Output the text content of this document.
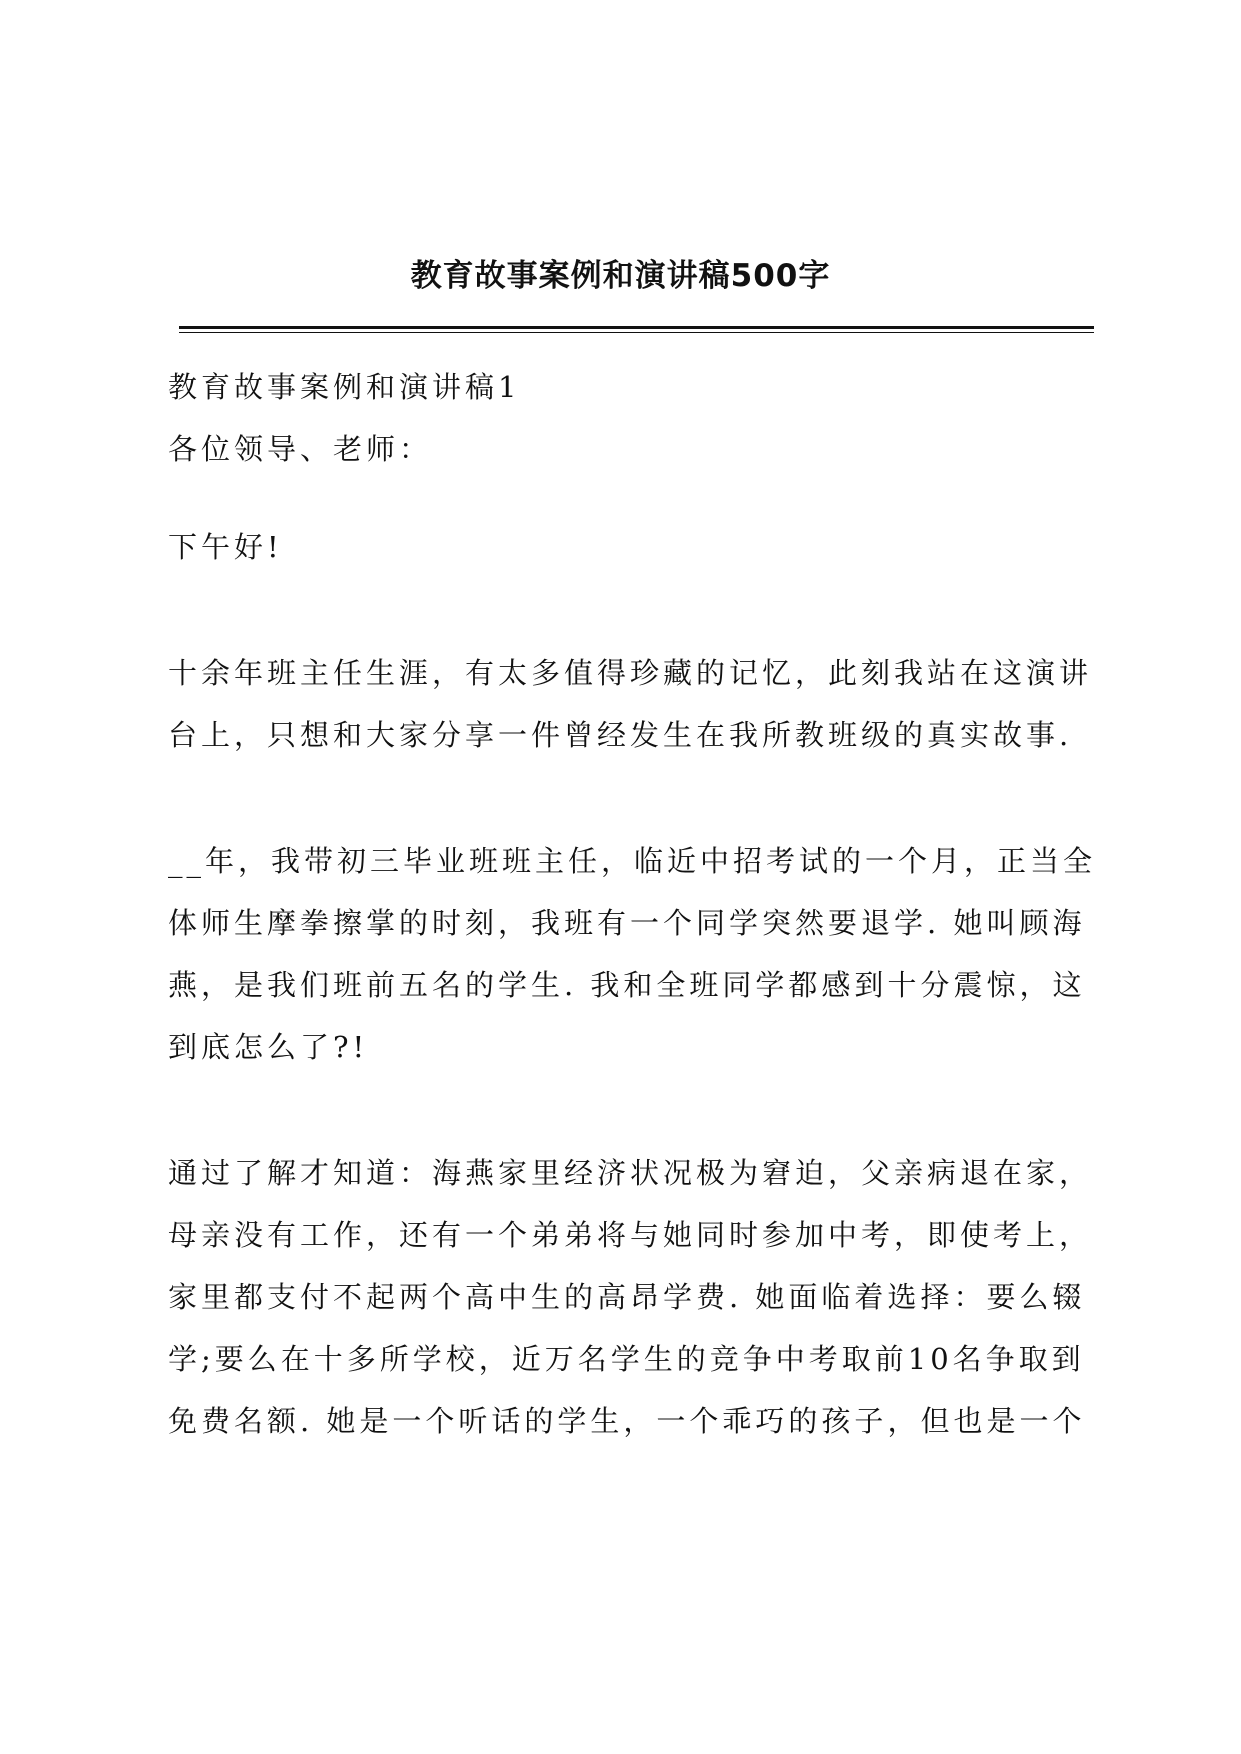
教育故事案例和演讲稿500字
教育故事案例和演讲稿1
各位领导、老师：
下午好!
十余年班主任生涯，有太多值得珍藏的记忆，此刻我站在这演讲
台上，只想和大家分享一件曾经发生在我所教班级的真实故事.
__年，我带初三毕业班班主任，临近中招考试的一个月，正当全
体师生摩拳擦掌的时刻，我班有一个同学突然要退学. 她叫顾海
燕，是我们班前五名的学生. 我和全班同学都感到十分震惊，这
到底怎么了?!
通过了解才知道：海燕家里经济状况极为窘迫，父亲病退在家，
母亲没有工作，还有一个弟弟将与她同时参加中考，即使考上，
家里都支付不起两个高中生的高昂学费. 她面临着选择：要么辍
学;要么在十多所学校，近万名学生的竞争中考取前10名争取到
免费名额. 她是一个听话的学生，一个乖巧的孩子，但也是一个
